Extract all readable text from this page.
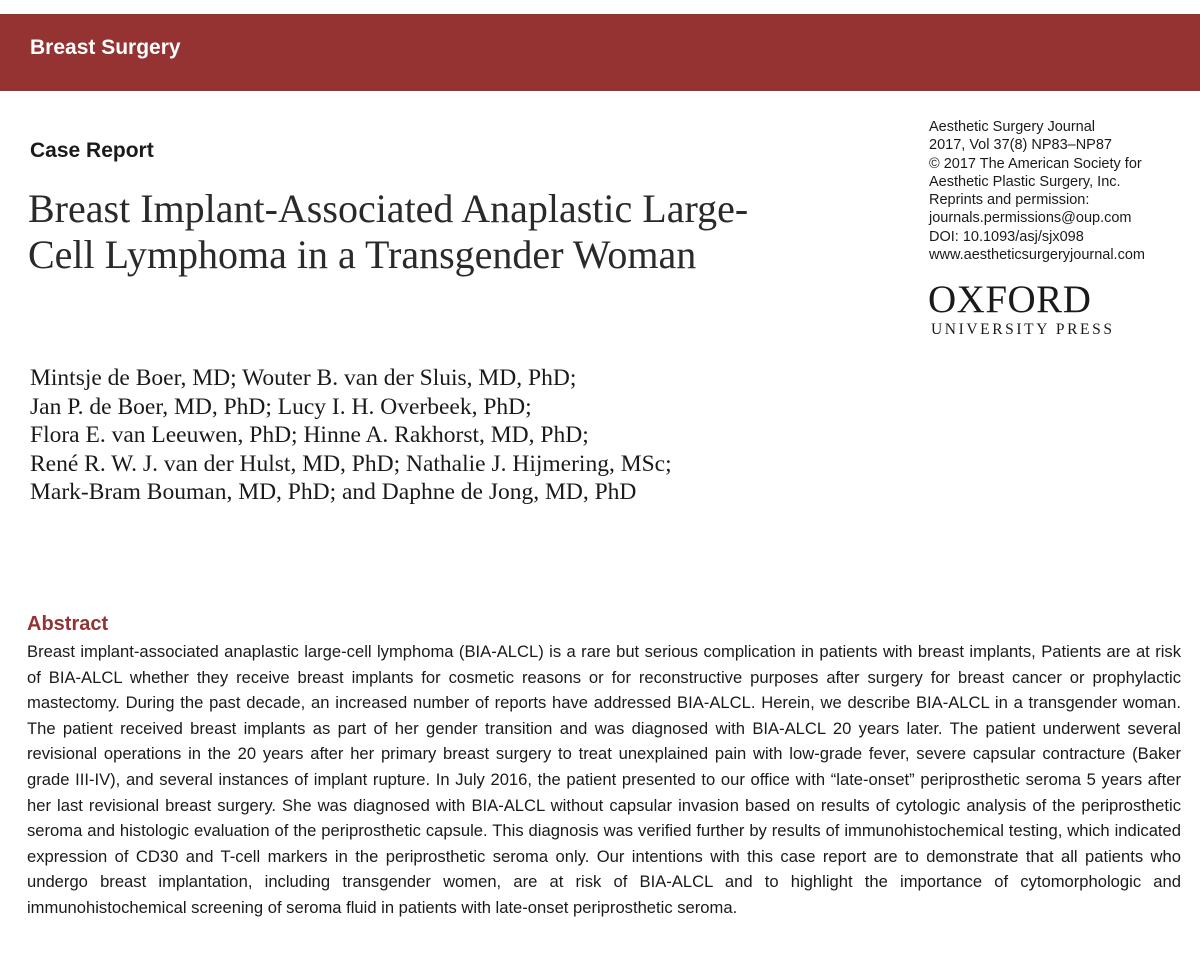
Breast Surgery
Case Report
Breast Implant-Associated Anaplastic Large-
Cell Lymphoma in a Transgender Woman
Aesthetic Surgery Journal
2017, Vol 37(8) NP83–NP87
© 2017 The American Society for
Aesthetic Plastic Surgery, Inc.
Reprints and permission:
journals.permissions@oup.com
DOI: 10.1093/asj/sjx098
www.aestheticsurgeryjournal.com
OXFORD
UNIVERSITY PRESS
Mintsje de Boer, MD; Wouter B. van der Sluis, MD, PhD;
Jan P. de Boer, MD, PhD; Lucy I. H. Overbeek, PhD;
Flora E. van Leeuwen, PhD; Hinne A. Rakhorst, MD, PhD;
René R. W. J. van der Hulst, MD, PhD; Nathalie J. Hijmering, MSc;
Mark-Bram Bouman, MD, PhD; and Daphne de Jong, MD, PhD
Abstract

Breast implant-associated anaplastic large-cell lymphoma (BIA-ALCL) is a rare but serious complication in patients with breast implants, Patients are at risk of BIA-ALCL whether they receive breast implants for cosmetic reasons or for reconstructive purposes after surgery for breast cancer or prophylactic mastectomy. During the past decade, an increased number of reports have addressed BIA-ALCL. Herein, we describe BIA-ALCL in a transgender woman. The patient received breast implants as part of her gender transition and was diagnosed with BIA-ALCL 20 years later. The patient underwent several revisional operations in the 20 years after her primary breast surgery to treat unexplained pain with low-grade fever, severe capsular contracture (Baker grade III-IV), and several instances of implant rupture. In July 2016, the patient presented to our office with “late-onset” periprosthetic seroma 5 years after her last revisional breast surgery. She was diagnosed with BIA-ALCL without capsular invasion based on results of cytologic analysis of the periprosthetic seroma and histologic evaluation of the periprosthetic capsule. This diagnosis was verified further by results of immunohistochemical testing, which indicated expression of CD30 and T-cell markers in the periprosthetic seroma only. Our intentions with this case report are to demonstrate that all patients who undergo breast implantation, including transgender women, are at risk of BIA-ALCL and to highlight the importance of cytomorphologic and immunohistochemical screening of seroma fluid in patients with late-onset periprosthetic seroma.
